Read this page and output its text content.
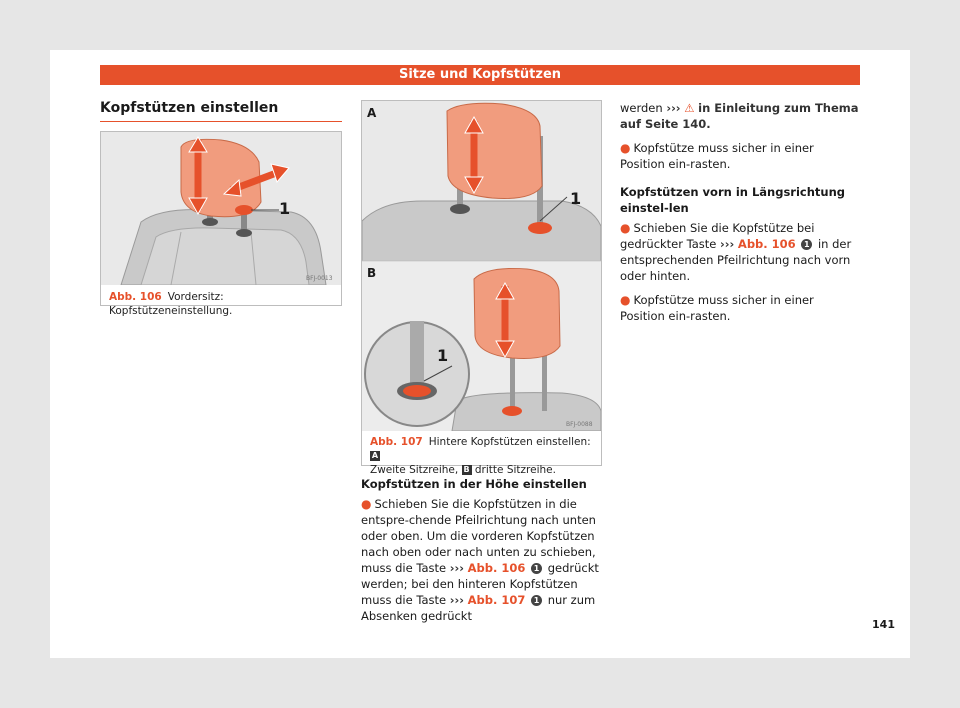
Sitze und Kopfstützen
Kopfstützen einstellen
1
BFJ-0013
Abb. 106 Vordersitz: Kopfstützeneinstellung.
A
1
B
1
BFJ-0088
Abb. 107 Hintere Kopfstützen einstellen: A
Zweite Sitzreihe, B dritte Sitzreihe.
Kopfstützen in der Höhe einstellen

● Schieben Sie die Kopfstützen in die entspre-chende Pfeilrichtung nach unten oder oben. Um die vorderen Kopfstützen nach oben oder nach unten zu schieben, muss die Taste ››› Abb. 106 1 gedrückt werden; bei den hinteren Kopfstützen muss die Taste ››› Abb. 107 1 nur zum Absenken gedrückt

werden ››› ⚠ in Einleitung zum Thema auf Seite 140.

● Kopfstütze muss sicher in einer Position ein-rasten.

Kopfstützen vorn in Längsrichtung einstel-len

● Schieben Sie die Kopfstütze bei gedrückter Taste ››› Abb. 106 1 in der entsprechenden Pfeilrichtung nach vorn oder hinten.

● Kopfstütze muss sicher in einer Position ein-rasten.

141
